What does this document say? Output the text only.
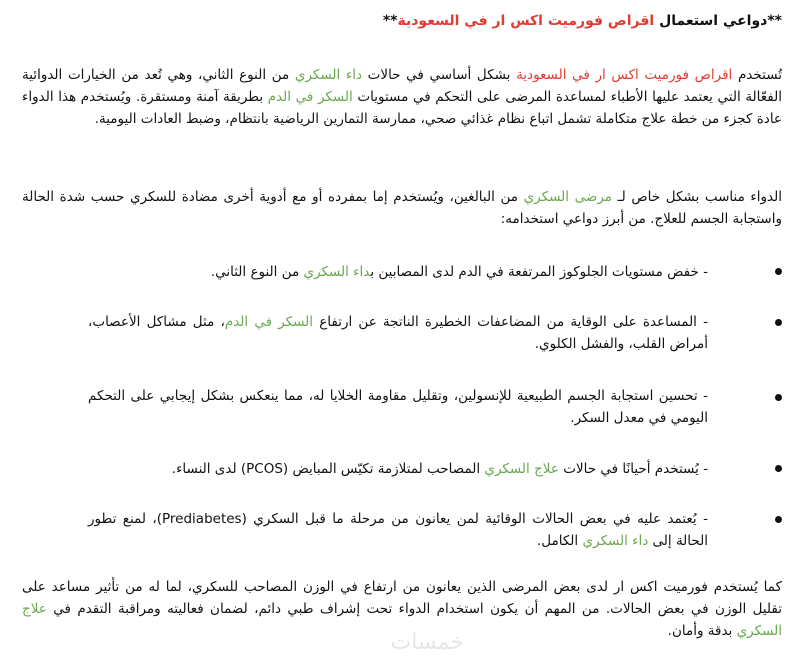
**دواعي استعمال اقراص فورميت اكس ار في السعودية**

تُستخدم اقراص فورميت اكس ار في السعودية بشكل أساسي في حالات داء السكري من النوع الثاني، وهي تُعد من الخيارات الدوائية الفعّالة التي يعتمد عليها الأطباء لمساعدة المرضى على التحكم في مستويات السكر في الدم بطريقة آمنة ومستقرة. ويُستخدم هذا الدواء عادة كجزء من خطة علاج متكاملة تشمل اتباع نظام غذائي صحي، ممارسة التمارين الرياضية بانتظام، وضبط العادات اليومية.

الدواء مناسب بشكل خاص لـ مرضى السكري من البالغين، ويُستخدم إما بمفرده أو مع أدوية أخرى مضادة للسكري حسب شدة الحالة واستجابة الجسم للعلاج. من أبرز دواعي استخدامه:

- خفض مستويات الجلوكوز المرتفعة في الدم لدى المصابين بداء السكري من النوع الثاني.

- المساعدة على الوقاية من المضاعفات الخطيرة الناتجة عن ارتفاع السكر في الدم، مثل مشاكل الأعصاب، أمراض القلب، والفشل الكلوي.

- تحسين استجابة الجسم الطبيعية للإنسولين، وتقليل مقاومة الخلايا له، مما ينعكس بشكل إيجابي على التحكم اليومي في معدل السكر.

- يُستخدم أحيانًا في حالات علاج السكري المصاحب لمتلازمة تكيّس المبايض (PCOS) لدى النساء.

- يُعتمد عليه في بعض الحالات الوقائية لمن يعانون من مرحلة ما قبل السكري (Prediabetes)، لمنع تطور الحالة إلى داء السكري الكامل.

كما يُستخدم فورميت اكس ار لدى بعض المرضى الذين يعانون من ارتفاع في الوزن المصاحب للسكري، لما له من تأثير مساعد على تقليل الوزن في بعض الحالات. من المهم أن يكون استخدام الدواء تحت إشراف طبي دائم، لضمان فعاليته ومراقبة التقدم في علاج السكري بدقة وأمان.

خمسات
